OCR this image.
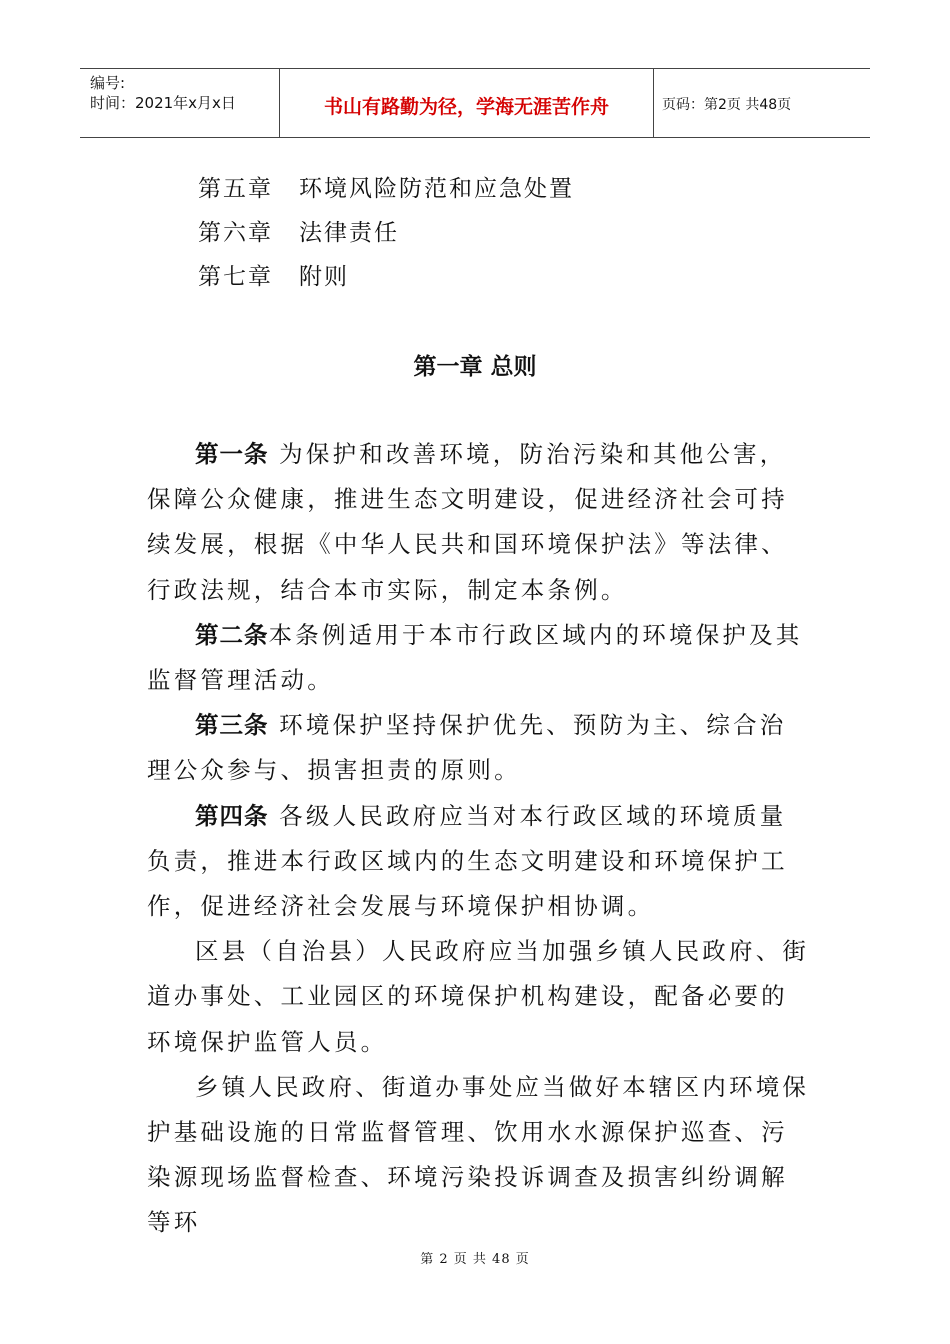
编号:
时间：2021年x月x日	书山有路勤为径，学海无涯苦作舟	页码：第2页 共48页
第五章 环境风险防范和应急处置
第六章 法律责任
第七章 附则
第一章 总则

第一条 为保护和改善环境，防治污染和其他公害，保障公众健康，推进生态文明建设，促进经济社会可持续发展，根据《中华人民共和国环境保护法》等法律、行政法规，结合本市实际，制定本条例。

第二条本条例适用于本市行政区域内的环境保护及其监督管理活动。

第三条 环境保护坚持保护优先、预防为主、综合治理公众参与、损害担责的原则。

第四条 各级人民政府应当对本行政区域的环境质量负责，推进本行政区域内的生态文明建设和环境保护工作，促进经济社会发展与环境保护相协调。

区县（自治县）人民政府应当加强乡镇人民政府、街道办事处、工业园区的环境保护机构建设，配备必要的环境保护监管人员。

乡镇人民政府、街道办事处应当做好本辖区内环境保护基础设施的日常监督管理、饮用水水源保护巡查、污染源现场监督检查、环境污染投诉调查及损害纠纷调解等环

第 2 页 共 48 页
